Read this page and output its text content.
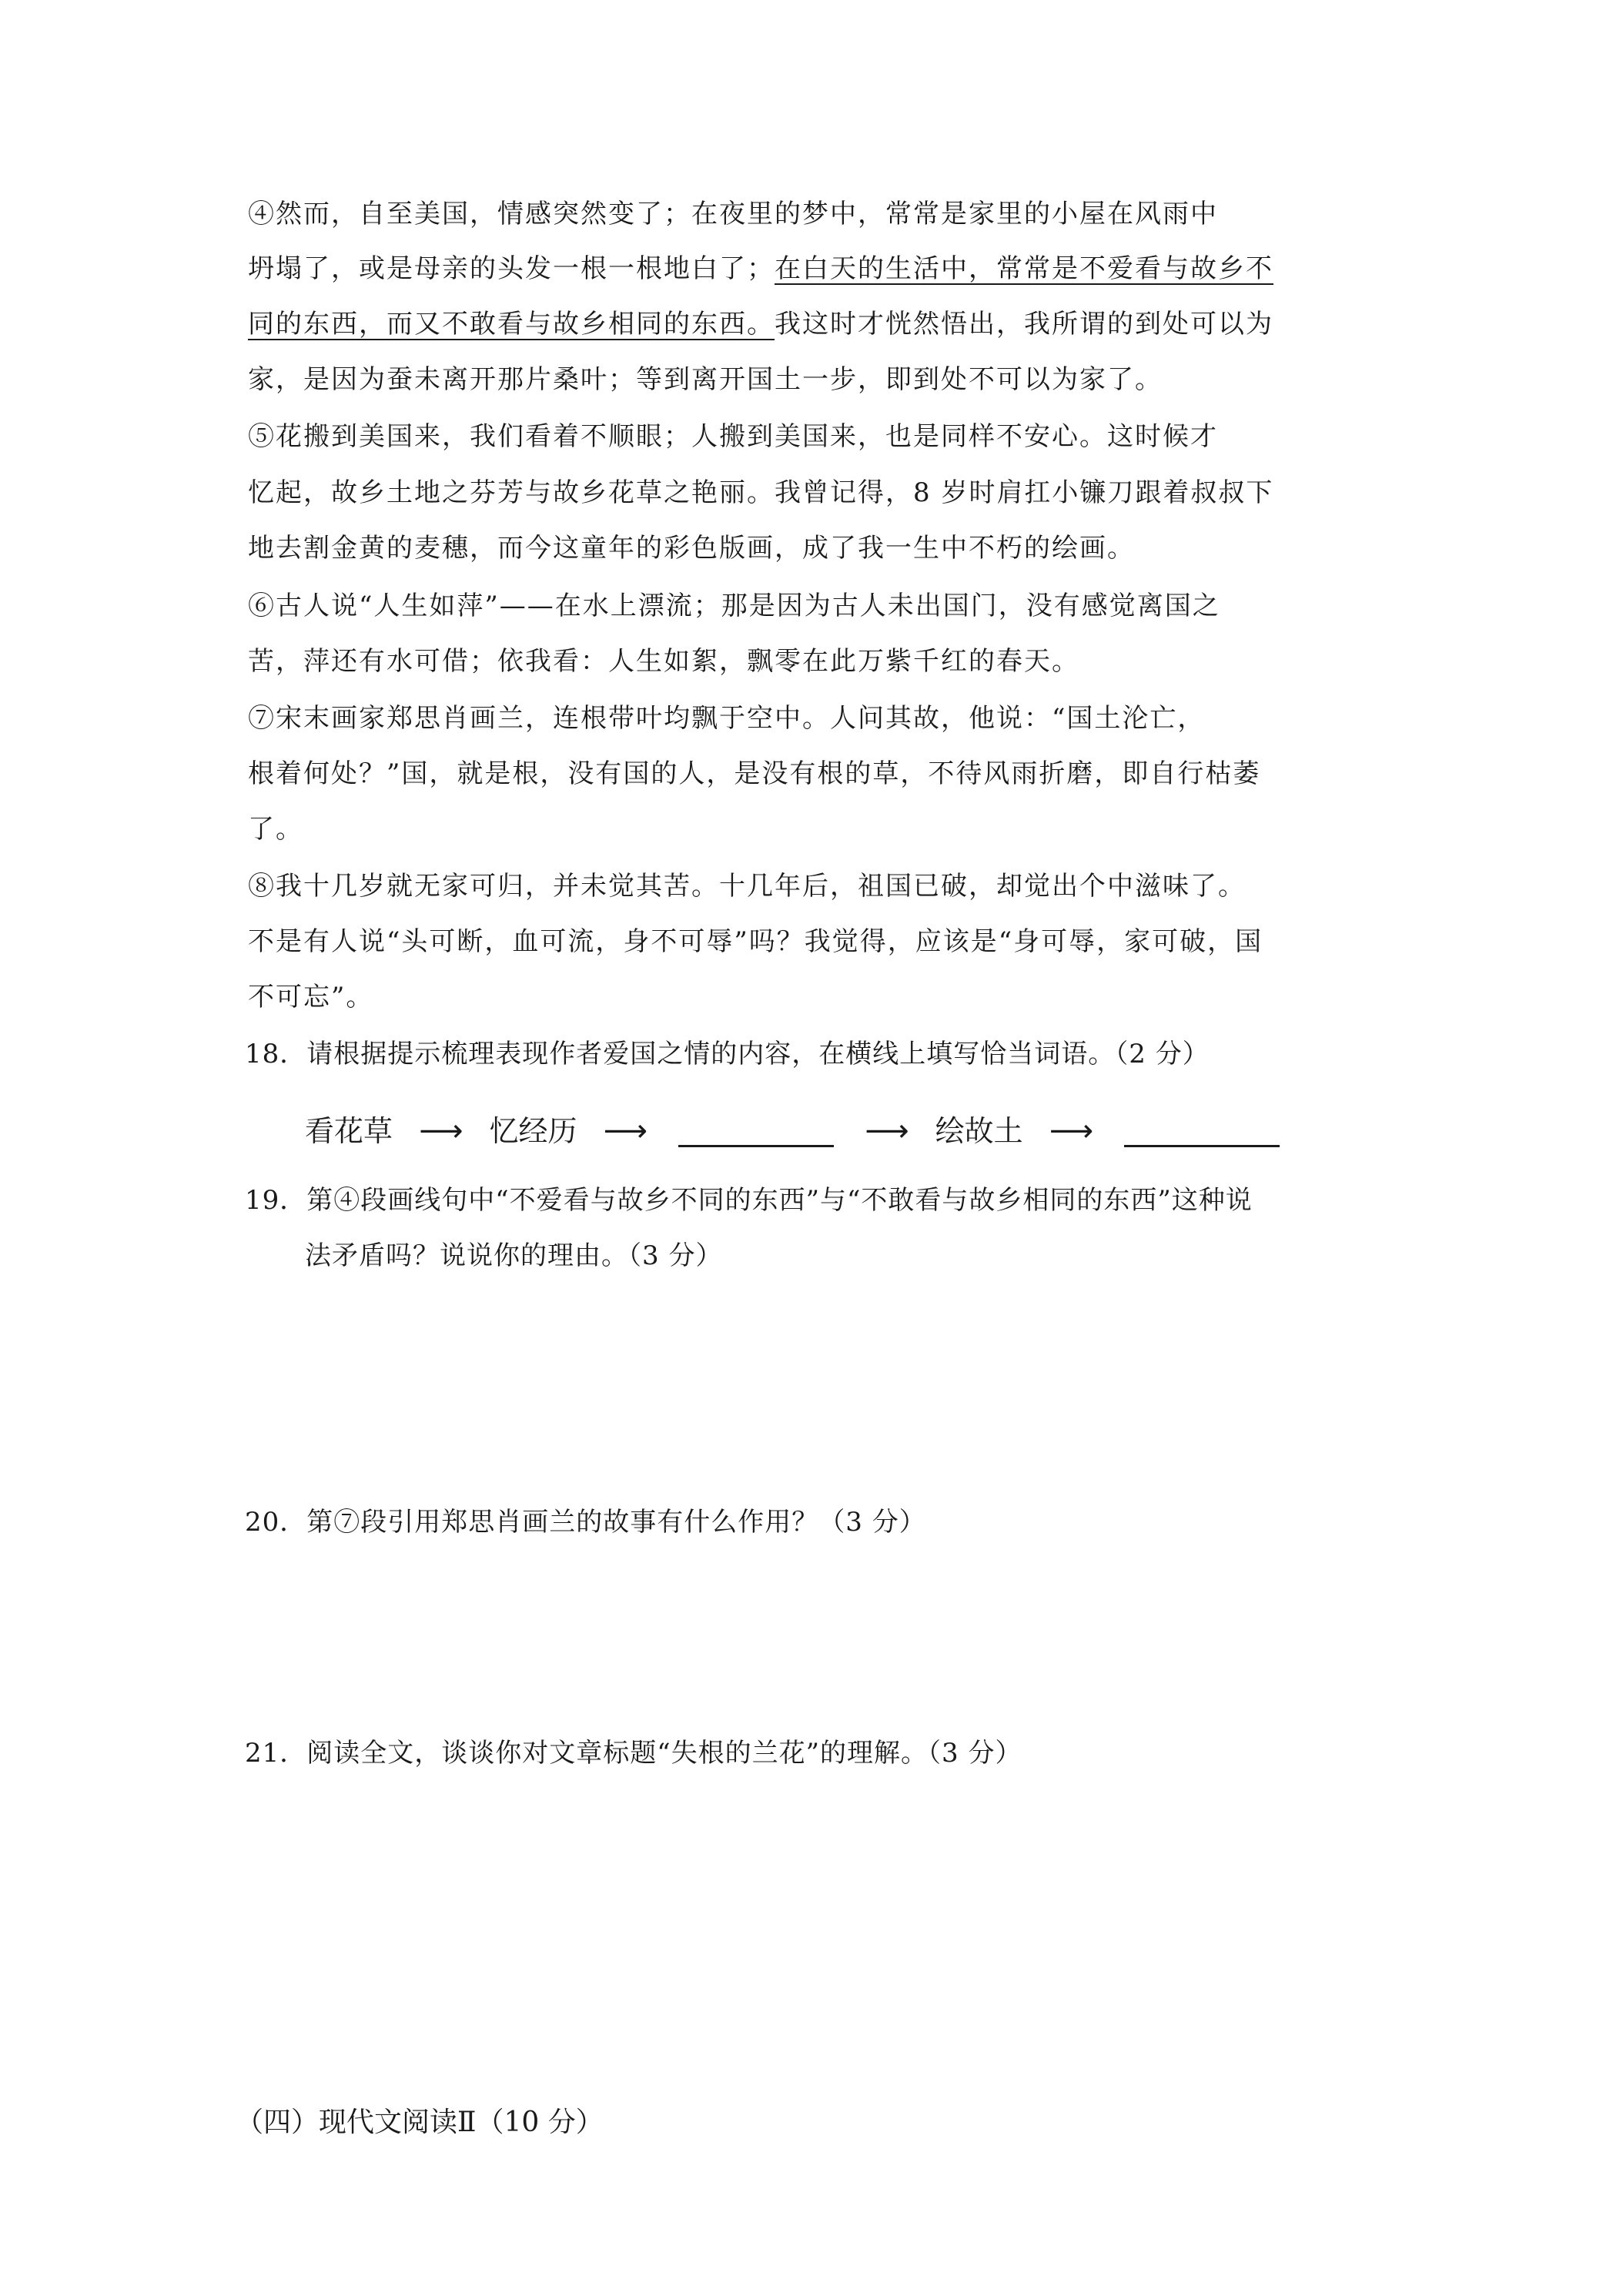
④然而，自至美国，情感突然变了；在夜里的梦中，常常是家里的小屋在风雨中
坍塌了，或是母亲的头发一根一根地白了；在白天的生活中，常常是不爱看与故乡不
同的东西，而又不敢看与故乡相同的东西。我这时才恍然悟出，我所谓的到处可以为
家，是因为蚕未离开那片桑叶；等到离开国土一步，即到处不可以为家了。
⑤花搬到美国来，我们看着不顺眼；人搬到美国来，也是同样不安心。这时候才
忆起，故乡土地之芬芳与故乡花草之艳丽。我曾记得，8 岁时肩扛小镰刀跟着叔叔下
地去割金黄的麦穗，而今这童年的彩色版画，成了我一生中不朽的绘画。
⑥古人说“人生如萍”——在水上漂流；那是因为古人未出国门，没有感觉离国之
苦，萍还有水可借；依我看：人生如絮，飘零在此万紫千红的春天。
⑦宋末画家郑思肖画兰，连根带叶均飘于空中。人问其故，他说：“国土沦亡，
根着何处？”国，就是根，没有国的人，是没有根的草，不待风雨折磨，即自行枯萎
了。
⑧我十几岁就无家可归，并未觉其苦。十几年后，祖国已破，却觉出个中滋味了。
不是有人说“头可断，血可流，身不可辱”吗？我觉得，应该是“身可辱，家可破，国
不可忘”。
18．请根据提示梳理表现作者爱国之情的内容，在横线上填写恰当词语。（2 分）
看花草 ⟶ 忆经历 ⟶	⟶ 绘故土 ⟶
19．第④段画线句中“不爱看与故乡不同的东西”与“不敢看与故乡相同的东西”这种说
法矛盾吗？说说你的理由。（3 分）
20．第⑦段引用郑思肖画兰的故事有什么作用？（3 分）
21．阅读全文，谈谈你对文章标题“失根的兰花”的理解。（3 分）
（四）现代文阅读Ⅱ（10 分）
